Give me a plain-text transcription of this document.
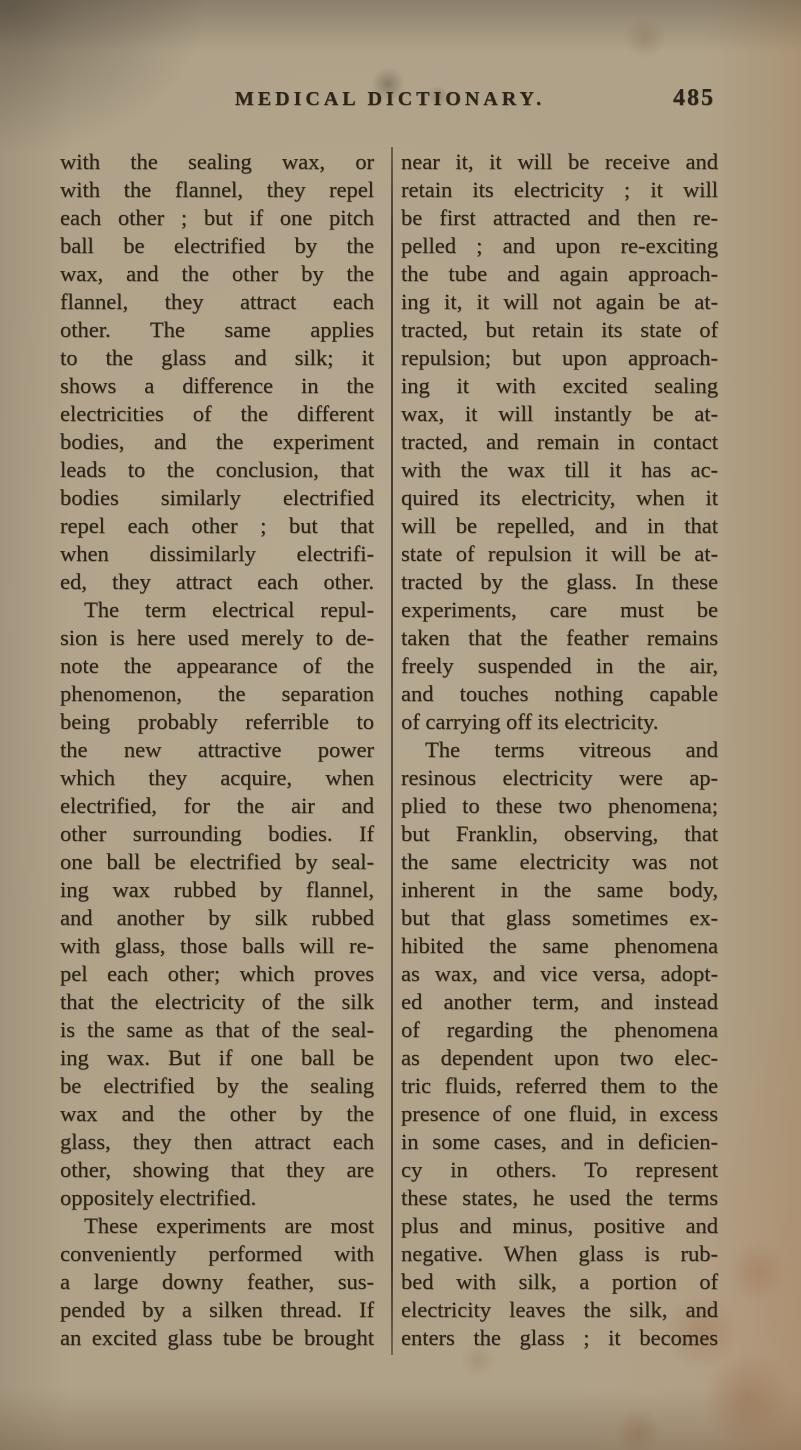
MEDICAL DICTIONARY.	485
with the sealing wax, or
with the flannel, they repel
each other ; but if one pitch
ball be electrified by the
wax, and the other by the
flannel, they attract each
other. The same applies
to the glass and silk; it
shows a difference in the
electricities of the different
bodies, and the experiment
leads to the conclusion, that
bodies similarly electrified
repel each other ; but that
when dissimilarly electrifi-
ed, they attract each other.
The term electrical repul-
sion is here used merely to de-
note the appearance of the
phenomenon, the separation
being probably referrible to
the new attractive power
which they acquire, when
electrified, for the air and
other surrounding bodies. If
one ball be electrified by seal-
ing wax rubbed by flannel,
and another by silk rubbed
with glass, those balls will re-
pel each other; which proves
that the electricity of the silk
is the same as that of the seal-
ing wax. But if one ball be
be electrified by the sealing
wax and the other by the
glass, they then attract each
other, showing that they are
oppositely electrified.
These experiments are most
conveniently performed with
a large downy feather, sus-
pended by a silken thread. If
an excited glass tube be brought
near it, it will be receive and
retain its electricity ; it will
be first attracted and then re-
pelled ; and upon re-exciting
the tube and again approach-
ing it, it will not again be at-
tracted, but retain its state of
repulsion; but upon approach-
ing it with excited sealing
wax, it will instantly be at-
tracted, and remain in contact
with the wax till it has ac-
quired its electricity, when it
will be repelled, and in that
state of repulsion it will be at-
tracted by the glass. In these
experiments, care must be
taken that the feather remains
freely suspended in the air,
and touches nothing capable
of carrying off its electricity.
The terms vitreous and
resinous electricity were ap-
plied to these two phenomena;
but Franklin, observing, that
the same electricity was not
inherent in the same body,
but that glass sometimes ex-
hibited the same phenomena
as wax, and vice versa, adopt-
ed another term, and instead
of regarding the phenomena
as dependent upon two elec-
tric fluids, referred them to the
presence of one fluid, in excess
in some cases, and in deficien-
cy in others. To represent
these states, he used the terms
plus and minus, positive and
negative. When glass is rub-
bed with silk, a portion of
electricity leaves the silk, and
enters the glass ; it becomes
